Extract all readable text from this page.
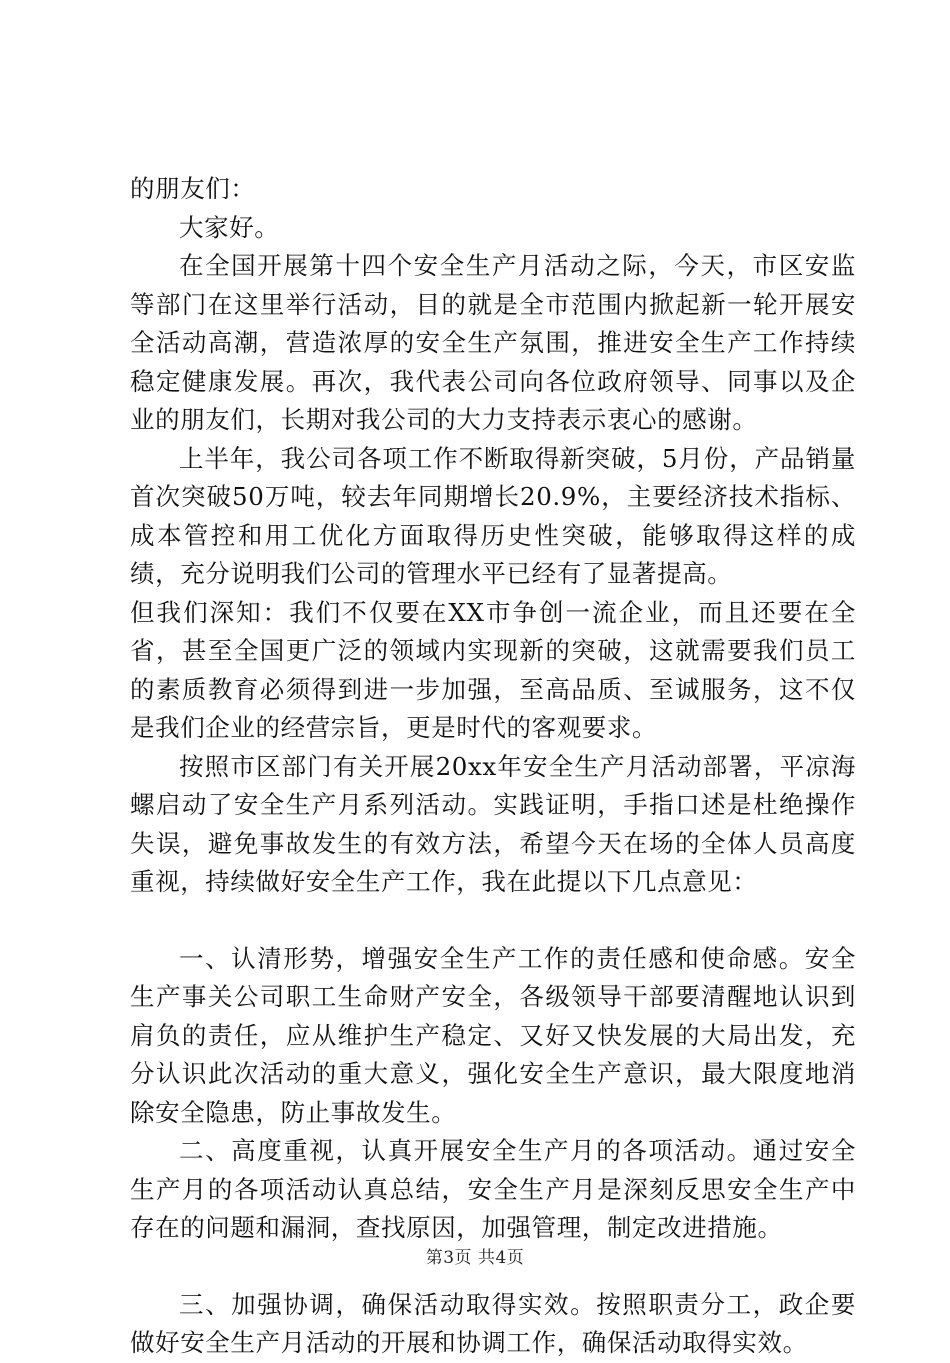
的朋友们：

大家好。

在全国开展第十四个安全生产月活动之际，今天，市区安监等部门在这里举行活动，目的就是全市范围内掀起新一轮开展安全活动高潮，营造浓厚的安全生产氛围，推进安全生产工作持续稳定健康发展。再次，我代表公司向各位政府领导、同事以及企业的朋友们，长期对我公司的大力支持表示衷心的感谢。

上半年，我公司各项工作不断取得新突破，5月份，产品销量首次突破50万吨，较去年同期增长20.9%，主要经济技术指标、成本管控和用工优化方面取得历史性突破，能够取得这样的成绩，充分说明我们公司的管理水平已经有了显著提高。

但我们深知：我们不仅要在XX市争创一流企业，而且还要在全省，甚至全国更广泛的领域内实现新的突破，这就需要我们员工的素质教育必须得到进一步加强，至高品质、至诚服务，这不仅是我们企业的经营宗旨，更是时代的客观要求。

按照市区部门有关开展20xx年安全生产月活动部署，平凉海螺启动了安全生产月系列活动。实践证明，手指口述是杜绝操作失误，避免事故发生的有效方法，希望今天在场的全体人员高度重视，持续做好安全生产工作，我在此提以下几点意见：

一、认清形势，增强安全生产工作的责任感和使命感。安全生产事关公司职工生命财产安全，各级领导干部要清醒地认识到肩负的责任，应从维护生产稳定、又好又快发展的大局出发，充分认识此次活动的重大意义，强化安全生产意识，最大限度地消除安全隐患，防止事故发生。

二、高度重视，认真开展安全生产月的各项活动。通过安全生产月的各项活动认真总结，安全生产月是深刻反思安全生产中存在的问题和漏洞，查找原因，加强管理，制定改进措施。

三、加强协调，确保活动取得实效。按照职责分工，政企要做好安全生产月活动的开展和协调工作，确保活动取得实效。

第3页 共4页
